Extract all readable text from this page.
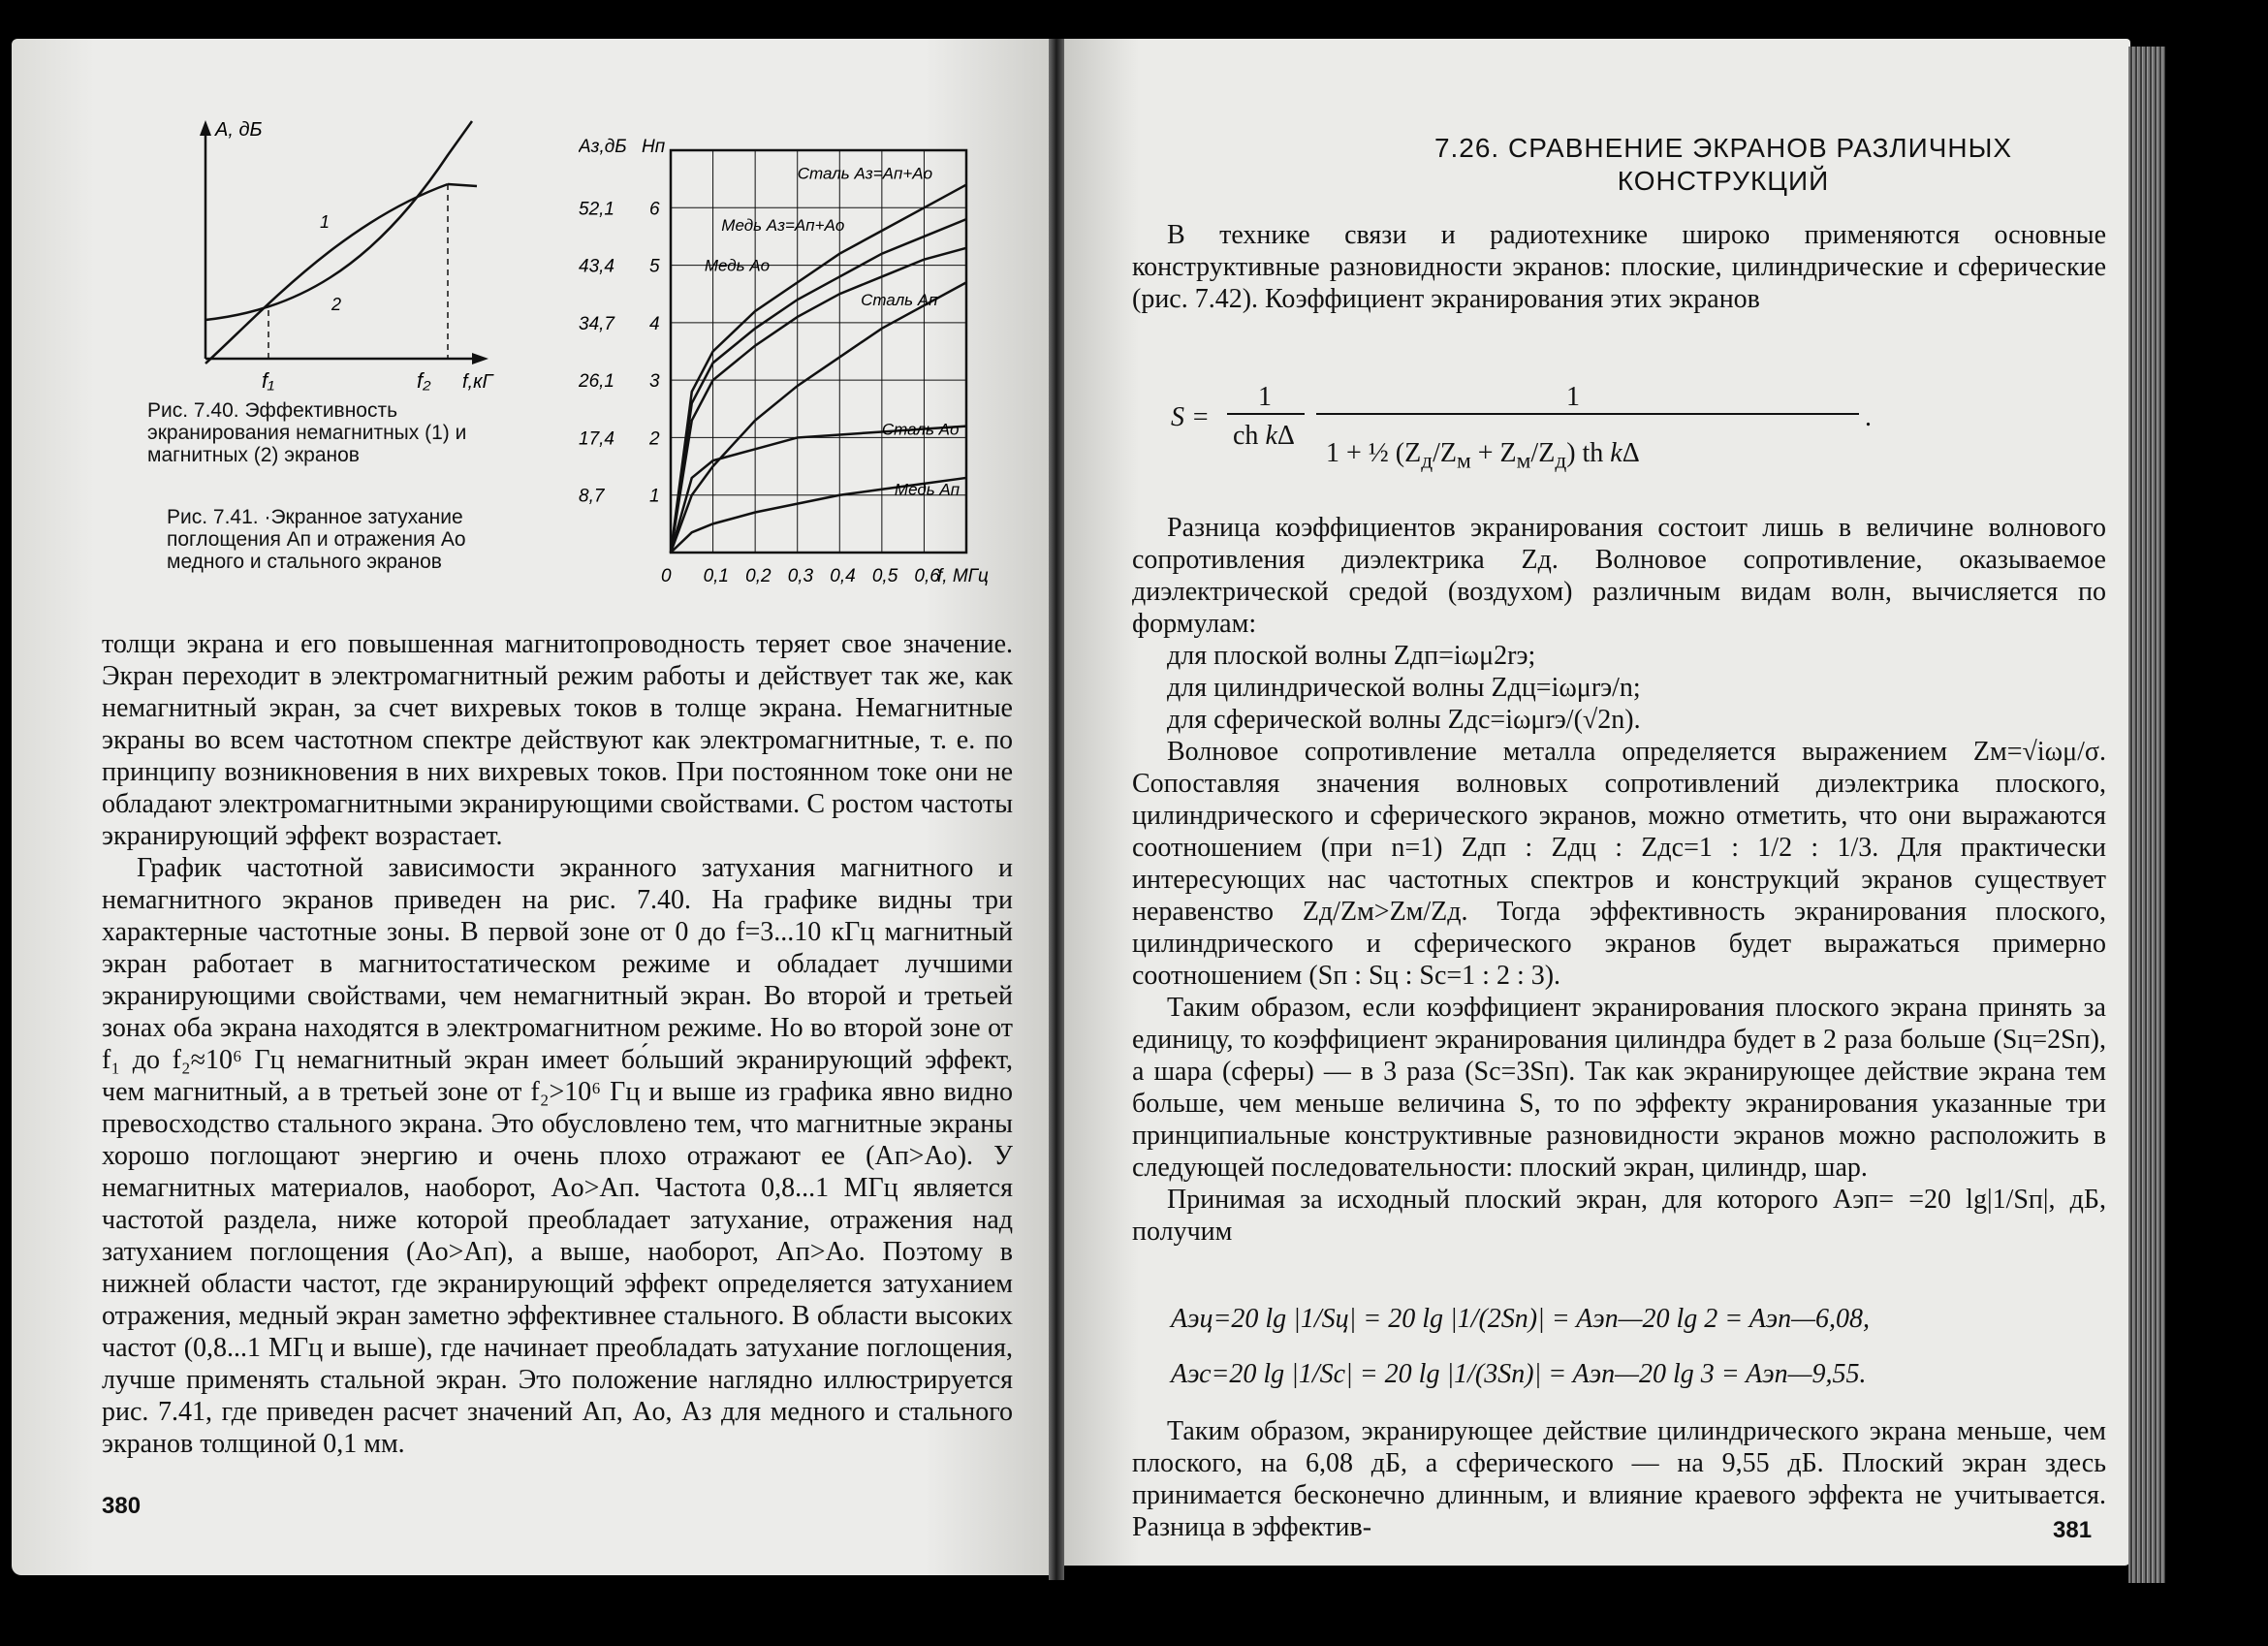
A, дБ
f,кГ
f₁	f₂
1
2
Рис. 7.40. Эффективность экранирования немагнитных (1) и магнитных (2) экранов
Рис. 7.41. ·Экранное затухание поглощения Aп и отражения Aо медного и стального экранов
0 0,1 0,2 0,3 0,4 0,5 0,6
1
8,7
2
17,4
3
26,1
4
34,7
5
43,4
6
52,1
f, МГц
Aз,дБ Нп
Сталь Aз=Aп+Aо
Медь Aз=Aп+Aо
Медь Aо
Сталь Aп
Сталь Aо
Медь Aп

толщи экрана и его повышенная магнитопроводность теряет свое значение. Экран переходит в электромагнитный режим работы и действует так же, как немагнитный экран, за счет вихревых токов в толще экрана. Немагнитные экраны во всем частотном спектре действуют как электромагнитные, т. е. по принципу возникновения в них вихревых токов. При постоянном токе они не обладают электромагнитными экранирующими свойствами. С ростом частоты экранирующий эффект возрастает.

График частотной зависимости экранного затухания магнитного и немагнитного экранов приведен на рис. 7.40. На графике видны три характерные частотные зоны. В первой зоне от 0 до f=3...10 кГц магнитный экран работает в магнитостатическом режиме и обладает лучшими экранирующими свойствами, чем немагнитный экран. Во второй и третьей зонах оба экрана находятся в электромагнитном режиме. Но во второй зоне от f₁ до f₂≈10⁶ Гц немагнитный экран имеет бо́льший экранирующий эффект, чем магнитный, а в третьей зоне от f₂>10⁶ Гц и выше из графика явно видно превосходство стального экрана. Это обусловлено тем, что магнитные экраны хорошо поглощают энергию и очень плохо отражают ее (Aп>Aо). У немагнитных материалов, наоборот, Aо>Aп. Частота 0,8...1 МГц является частотой раздела, ниже которой преобладает затухание, отражения над затуханием поглощения (Aо>Aп), а выше, наоборот, Aп>Aо. Поэтому в нижней области частот, где экранирующий эффект определяется затуханием отражения, медный экран заметно эффективнее стального. В области высоких частот (0,8...1 МГц и выше), где начинает преобладать затухание поглощения, лучше применять стальной экран. Это положение наглядно иллюстрируется рис. 7.41, где приведен расчет значений Aп, Aо, Aз для медного и стального экранов толщиной 0,1 мм.

380
7.26. СРАВНЕНИЕ ЭКРАНОВ РАЗЛИЧНЫХ
КОНСТРУКЦИЙ
В технике связи и радиотехнике широко применяются основные конструктивные разновидности экранов: плоские, цилиндрические и сферические (рис. 7.42). Коэффициент экранирования этих экранов
S =
1
ch kΔ
1
1 + ½ $(Z_д/Z_м + Z_м/Z_д)$ th kΔ
.

Разница коэффициентов экранирования состоит лишь в величине волнового сопротивления диэлектрика Zд. Волновое сопротивление, оказываемое диэлектрической средой (воздухом) различным видам волн, вычисляется по формулам:

для плоской волны Zдп=iωμ2rэ;

для цилиндрической волны Zдц=iωμrэ/n;

для сферической волны Zдс=iωμrэ/(√2n).

Волновое сопротивление металла определяется выражением Zм=√iωμ/σ. Сопоставляя значения волновых сопротивлений диэлектрика плоского, цилиндрического и сферического экранов, можно отметить, что они выражаются соотношением (при n=1) Zдп : Zдц : Zдс=1 : 1/2 : 1/3. Для практически интересующих нас частотных спектров и конструкций экранов существует неравенство Zд/Zм>Zм/Zд. Тогда эффективность экранирования плоского, цилиндрического и сферического экранов будет выражаться примерно соотношением (Sп : Sц : Sс=1 : 2 : 3).

Таким образом, если коэффициент экранирования плоского экрана принять за единицу, то коэффициент экранирования цилиндра будет в 2 раза больше (Sц=2Sп), а шара (сферы) — в 3 раза (Sс=3Sп). Так как экранирующее действие экрана тем больше, чем меньше величина S, то по эффекту экранирования указанные три принципиальные конструктивные разновидности экранов можно расположить в следующей последовательности: плоский экран, цилиндр, шар.

Принимая за исходный плоский экран, для которого Aэп= =20 lg|1/Sп|, дБ, получим

Aэц=20 lg |1/Sц| = 20 lg |1/(2Sп)| = Aэп—20 lg 2 = Aэп—6,08,
Aэс=20 lg |1/Sс| = 20 lg |1/(3Sп)| = Aэп—20 lg 3 = Aэп—9,55.
Таким образом, экранирующее действие цилиндрического экрана меньше, чем плоского, на 6,08 дБ, а сферического — на 9,55 дБ. Плоский экран здесь принимается бесконечно длинным, и влияние краевого эффекта не учитывается. Разница в эффектив-	381
